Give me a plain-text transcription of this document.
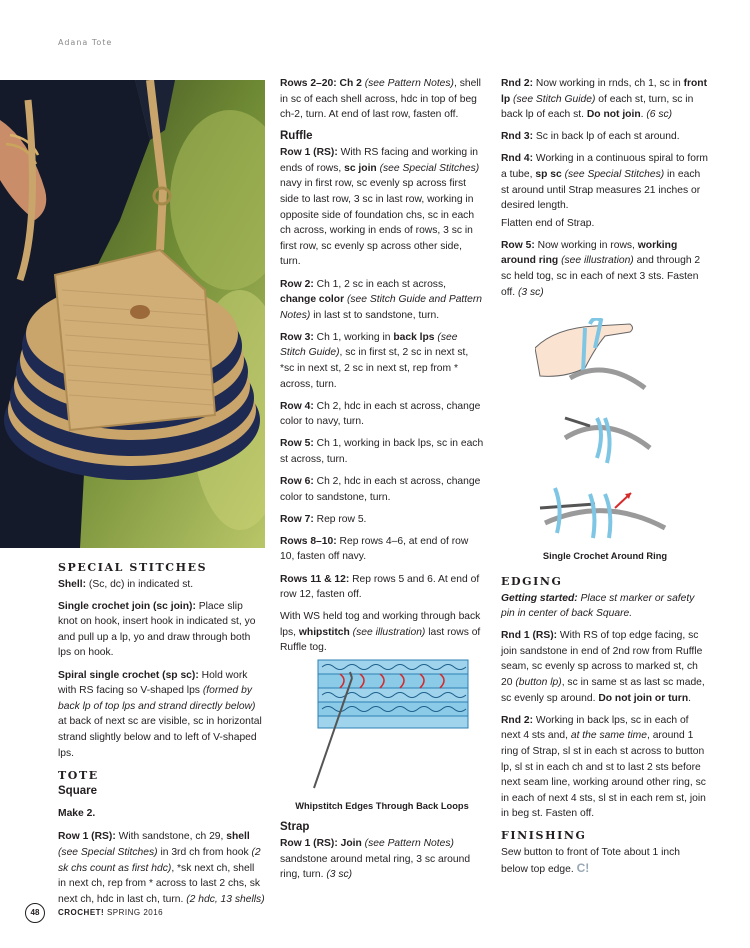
Adana Tote
SPECIAL STITCHES

Shell: (Sc, dc) in indicated st.

Single crochet join (sc join): Place slip knot on hook, insert hook in indicated st, yo and pull up a lp, yo and draw through both lps on hook.

Spiral single crochet (sp sc): Hold work with RS facing so V-shaped lps (formed by back lp of top lps and strand directly below) at back of next sc are visible, sc in horizontal strand slightly below and to left of V-shaped lps.

TOTE

Square

Make 2.

Row 1 (RS): With sandstone, ch 29, shell (see Special Stitches) in 3rd ch from hook (2 sk chs count as first hdc), *sk next ch, shell in next ch, rep from * across to last 2 chs, sk next ch, hdc in last ch, turn. (2 hdc, 13 shells)

Rows 2–20: Ch 2 (see Pattern Notes), shell in sc of each shell across, hdc in top of beg ch-2, turn. At end of last row, fasten off.

Ruffle

Row 1 (RS): With RS facing and working in ends of rows, sc join (see Special Stitches) navy in first row, sc evenly sp across first side to last row, 3 sc in last row, working in opposite side of foundation chs, sc in each ch across, working in ends of rows, 3 sc in first row, sc evenly sp across other side, turn.

Row 2: Ch 1, 2 sc in each st across, change color (see Stitch Guide and Pattern Notes) in last st to sandstone, turn.

Row 3: Ch 1, working in back lps (see Stitch Guide), sc in first st, 2 sc in next st, *sc in next st, 2 sc in next st, rep from * across, turn.

Row 4: Ch 2, hdc in each st across, change color to navy, turn.

Row 5: Ch 1, working in back lps, sc in each st across, turn.

Row 6: Ch 2, hdc in each st across, change color to sandstone, turn.

Row 7: Rep row 5.

Rows 8–10: Rep rows 4–6, at end of row 10, fasten off navy.

Rows 11 & 12: Rep rows 5 and 6. At end of row 12, fasten off.

With WS held tog and working through back lps, whipstitch (see illustration) last rows of Ruffle tog.

Whipstitch Edges Through Back Loops

Strap

Row 1 (RS): Join (see Pattern Notes) sandstone around metal ring, 3 sc around ring, turn. (3 sc)

Rnd 2: Now working in rnds, ch 1, sc in front lp (see Stitch Guide) of each st, turn, sc in back lp of each st. Do not join. (6 sc)

Rnd 3: Sc in back lp of each st around.

Rnd 4: Working in a continuous spiral to form a tube, sp sc (see Special Stitches) in each st around until Strap measures 21 inches or desired length.

Flatten end of Strap.

Row 5: Now working in rows, working around ring (see illustration) and through 2 sc held tog, sc in each of next 3 sts. Fasten off. (3 sc)

Single Crochet Around Ring
EDGING

Getting started: Place st marker or safety pin in center of back Square.

Rnd 1 (RS): With RS of top edge facing, sc join sandstone in end of 2nd row from Ruffle seam, sc evenly sp across to marked st, ch 20 (button lp), sc in same st as last sc made, sc evenly sp around. Do not join or turn.

Rnd 2: Working in back lps, sc in each of next 4 sts and, at the same time, around 1 ring of Strap, sl st in each st across to button lp, sl st in each ch and st to last 2 sts before next seam line, working around other ring, sc in each of next 4 sts, sl st in each rem st, join in beg st. Fasten off.

FINISHING

Sew button to front of Tote about 1 inch below top edge. C!

48	CROCHET! SPRING 2016
